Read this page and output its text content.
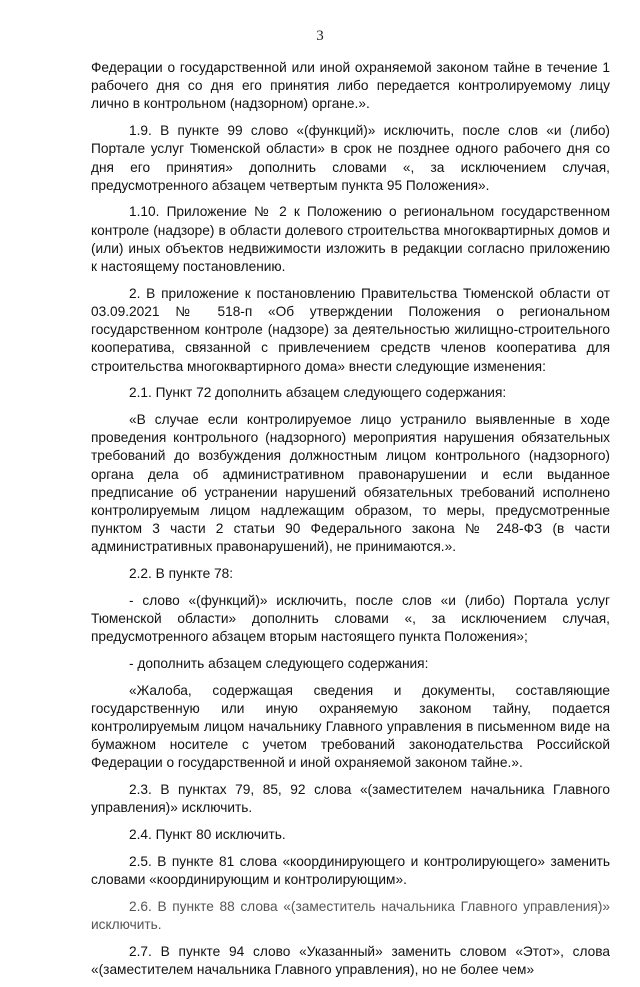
3

Федерации о государственной или иной охраняемой законом тайне в течение 1 рабочего дня со дня его принятия либо передается контролируемому лицу лично в контрольном (надзорном) органе.».

1.9. В пункте 99 слово «(функций)» исключить, после слов «и (либо) Портале услуг Тюменской области» в срок не позднее одного рабочего дня со дня его принятия» дополнить словами «, за исключением случая, предусмотренного абзацем четвертым пункта 95 Положения».

1.10. Приложение № 2 к Положению о региональном государственном контроле (надзоре) в области долевого строительства многоквартирных домов и (или) иных объектов недвижимости изложить в редакции согласно приложению к настоящему постановлению.

2. В приложение к постановлению Правительства Тюменской области от 03.09.2021 № 518-п «Об утверждении Положения о региональном государственном контроле (надзоре) за деятельностью жилищно-строительного кооператива, связанной с привлечением средств членов кооператива для строительства многоквартирного дома» внести следующие изменения:

2.1. Пункт 72 дополнить абзацем следующего содержания:

«В случае если контролируемое лицо устранило выявленные в ходе проведения контрольного (надзорного) мероприятия нарушения обязательных требований до возбуждения должностным лицом контрольного (надзорного) органа дела об административном правонарушении и если выданное предписание об устранении нарушений обязательных требований исполнено контролируемым лицом надлежащим образом, то меры, предусмотренные пунктом 3 части 2 статьи 90 Федерального закона № 248-ФЗ (в части административных правонарушений), не принимаются.».

2.2. В пункте 78:

- слово «(функций)» исключить, после слов «и (либо) Портала услуг Тюменской области» дополнить словами «, за исключением случая, предусмотренного абзацем вторым настоящего пункта Положения»;

- дополнить абзацем следующего содержания:

«Жалоба, содержащая сведения и документы, составляющие государственную или иную охраняемую законом тайну, подается контролируемым лицом начальнику Главного управления в письменном виде на бумажном носителе с учетом требований законодательства Российской Федерации о государственной и иной охраняемой законом тайне.».

2.3. В пунктах 79, 85, 92 слова «(заместителем начальника Главного управления)» исключить.

2.4. Пункт 80 исключить.

2.5. В пункте 81 слова «координирующего и контролирующего» заменить словами «координирующим и контролирующим».

2.6. В пункте 88 слова «(заместитель начальника Главного управления)» исключить.

2.7. В пункте 94 слово «Указанный» заменить словом «Этот», слова «(заместителем начальника Главного управления), но не более чем»
